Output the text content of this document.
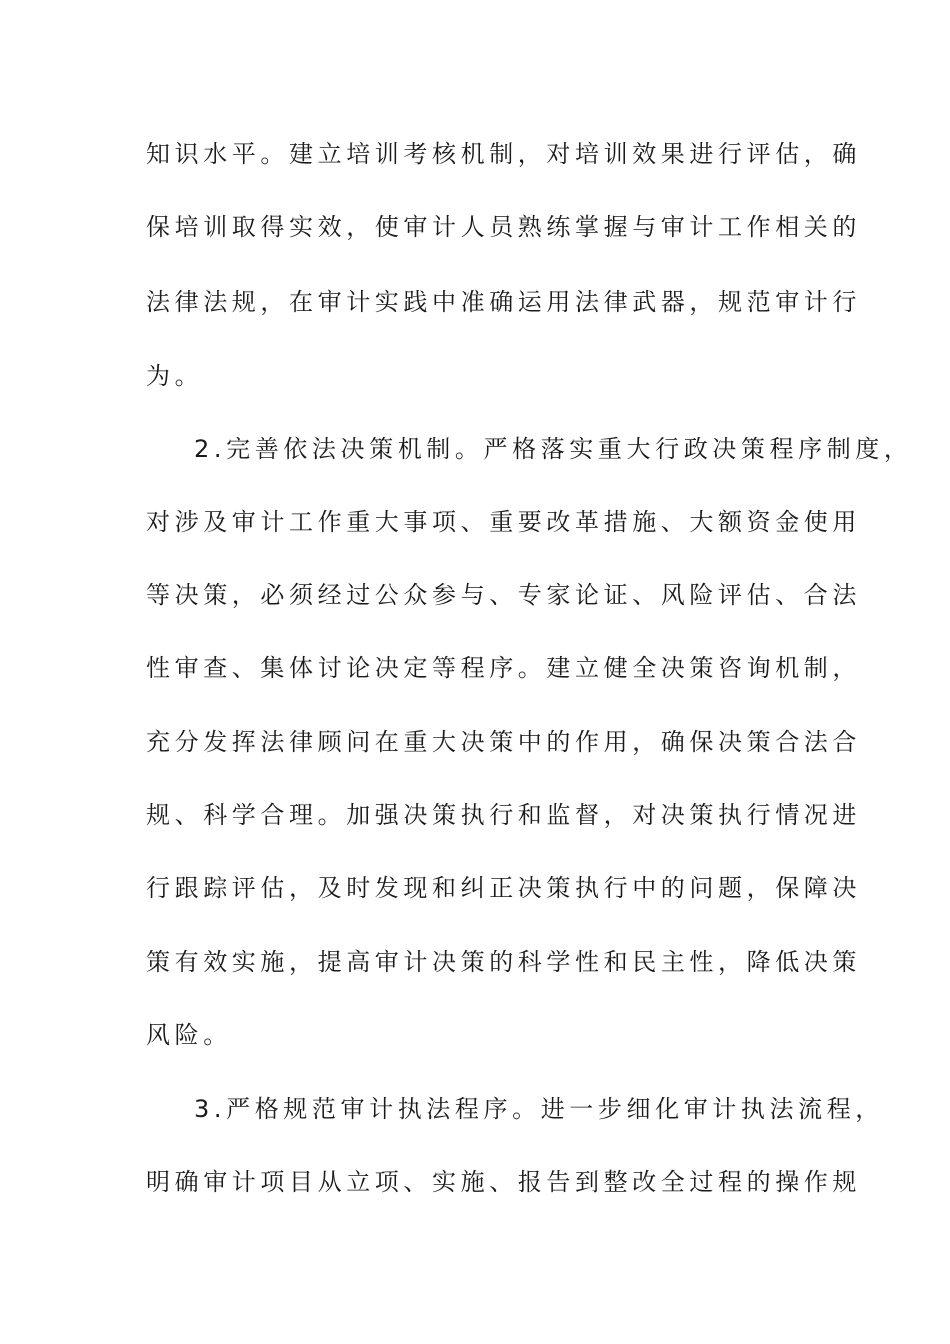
知识水平。建立培训考核机制，对培训效果进行评估，确
保培训取得实效，使审计人员熟练掌握与审计工作相关的
法律法规，在审计实践中准确运用法律武器，规范审计行
为。
2.完善依法决策机制。严格落实重大行政决策程序制度，
对涉及审计工作重大事项、重要改革措施、大额资金使用
等决策，必须经过公众参与、专家论证、风险评估、合法
性审查、集体讨论决定等程序。建立健全决策咨询机制，
充分发挥法律顾问在重大决策中的作用，确保决策合法合
规、科学合理。加强决策执行和监督，对决策执行情况进
行跟踪评估，及时发现和纠正决策执行中的问题，保障决
策有效实施，提高审计决策的科学性和民主性，降低决策
风险。
3.严格规范审计执法程序。进一步细化审计执法流程，
明确审计项目从立项、实施、报告到整改全过程的操作规
